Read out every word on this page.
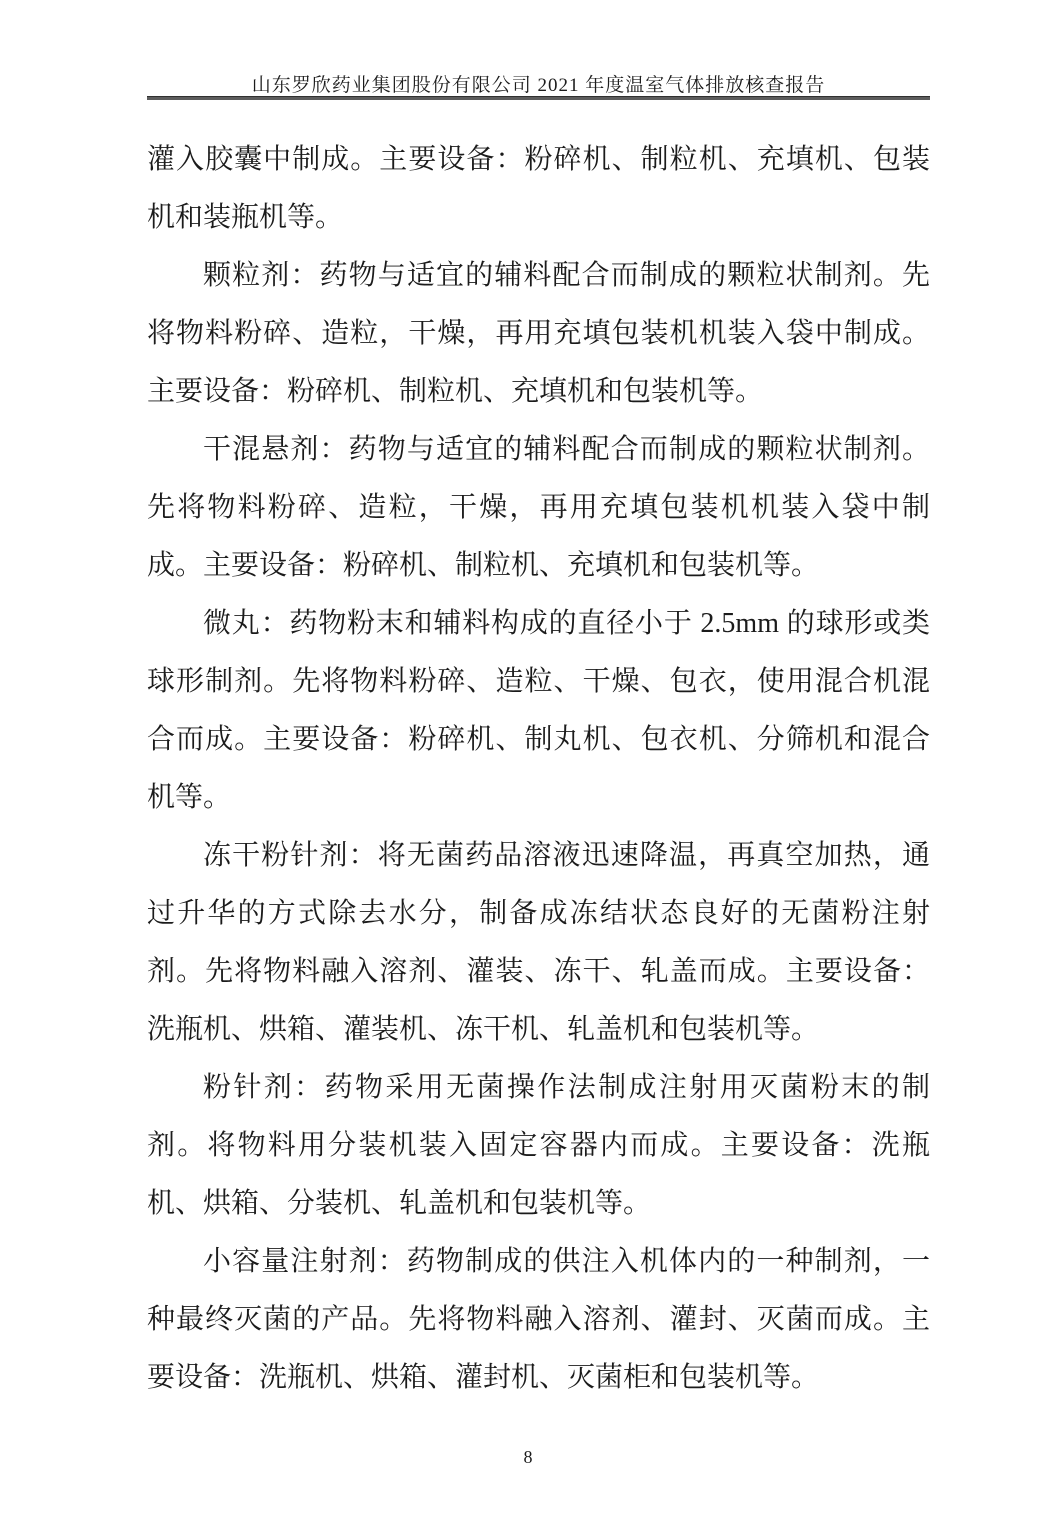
山东罗欣药业集团股份有限公司 2021 年度温室气体排放核查报告

灌入胶囊中制成。主要设备：粉碎机、制粒机、充填机、包装机和装瓶机等。

颗粒剂：药物与适宜的辅料配合而制成的颗粒状制剂。先将物料粉碎、造粒，干燥，再用充填包装机机装入袋中制成。主要设备：粉碎机、制粒机、充填机和包装机等。

干混悬剂：药物与适宜的辅料配合而制成的颗粒状制剂。先将物料粉碎、造粒，干燥，再用充填包装机机装入袋中制成。主要设备：粉碎机、制粒机、充填机和包装机等。

微丸：药物粉末和辅料构成的直径小于 2.5mm 的球形或类球形制剂。先将物料粉碎、造粒、干燥、包衣，使用混合机混合而成。主要设备：粉碎机、制丸机、包衣机、分筛机和混合机等。

冻干粉针剂：将无菌药品溶液迅速降温，再真空加热，通过升华的方式除去水分，制备成冻结状态良好的无菌粉注射剂。先将物料融入溶剂、灌装、冻干、轧盖而成。主要设备：洗瓶机、烘箱、灌装机、冻干机、轧盖机和包装机等。

粉针剂：药物采用无菌操作法制成注射用灭菌粉末的制剂。将物料用分装机装入固定容器内而成。主要设备：洗瓶机、烘箱、分装机、轧盖机和包装机等。

小容量注射剂：药物制成的供注入机体内的一种制剂，一种最终灭菌的产品。先将物料融入溶剂、灌封、灭菌而成。主要设备：洗瓶机、烘箱、灌封机、灭菌柜和包装机等。

8
